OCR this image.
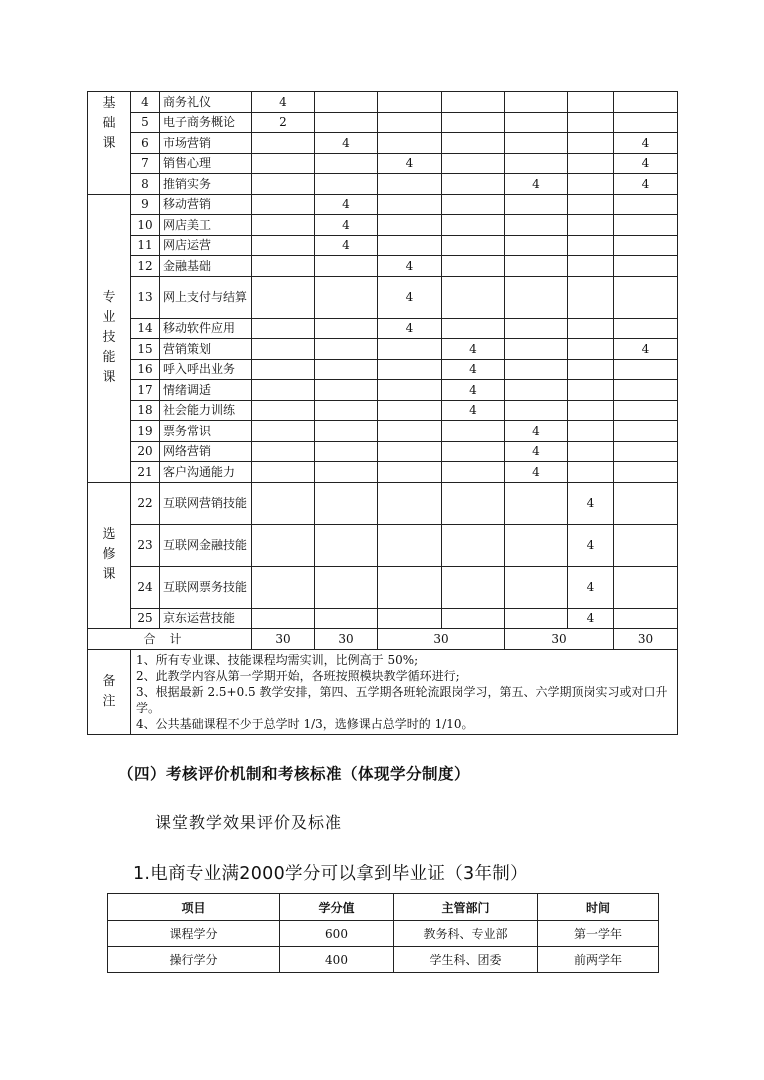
基础课	4	商务礼仪	4						
	5	电子商务概论	2						
	6	市场营销		4					4
	7	销售心理			4				4
	8	推销实务					4		4
专业技能课	9	移动营销		4					
	10	网店美工		4					
	11	网店运营		4					
	12	金融基础			4				
	13	网上支付与结算			4				
	14	移动软件应用			4				
	15	营销策划				4			4
	16	呼入呼出业务				4			
	17	情绪调适				4			
	18	社会能力训练				4			
	19	票务常识					4		
	20	网络营销					4		
	21	客户沟通能力					4		
选修课	22	互联网营销技能						4	
	23	互联网金融技能						4	
	24	互联网票务技能						4	
	25	京东运营技能						4	
合计			30	30	30		30		30
备注	1、所有专业课、技能课程均需实训，比例高于 50%;
2、此教学内容从第一学期开始，各班按照模块教学循环进行;
3、根据最新 2.5+0.5 教学安排，第四、五学期各班轮流跟岗学习，第五、六学期顶岗实习或对口升学。
4、公共基础课程不少于总学时 1/3，选修课占总学时的 1/10。								
（四）考核评价机制和考核标准（体现学分制度）
课堂教学效果评价及标准
1.电商专业满2000学分可以拿到毕业证（3年制）
项目	学分值	主管部门	时间
课程学分	600	教务科、专业部	第一学年
操行学分	400	学生科、团委	前两学年
